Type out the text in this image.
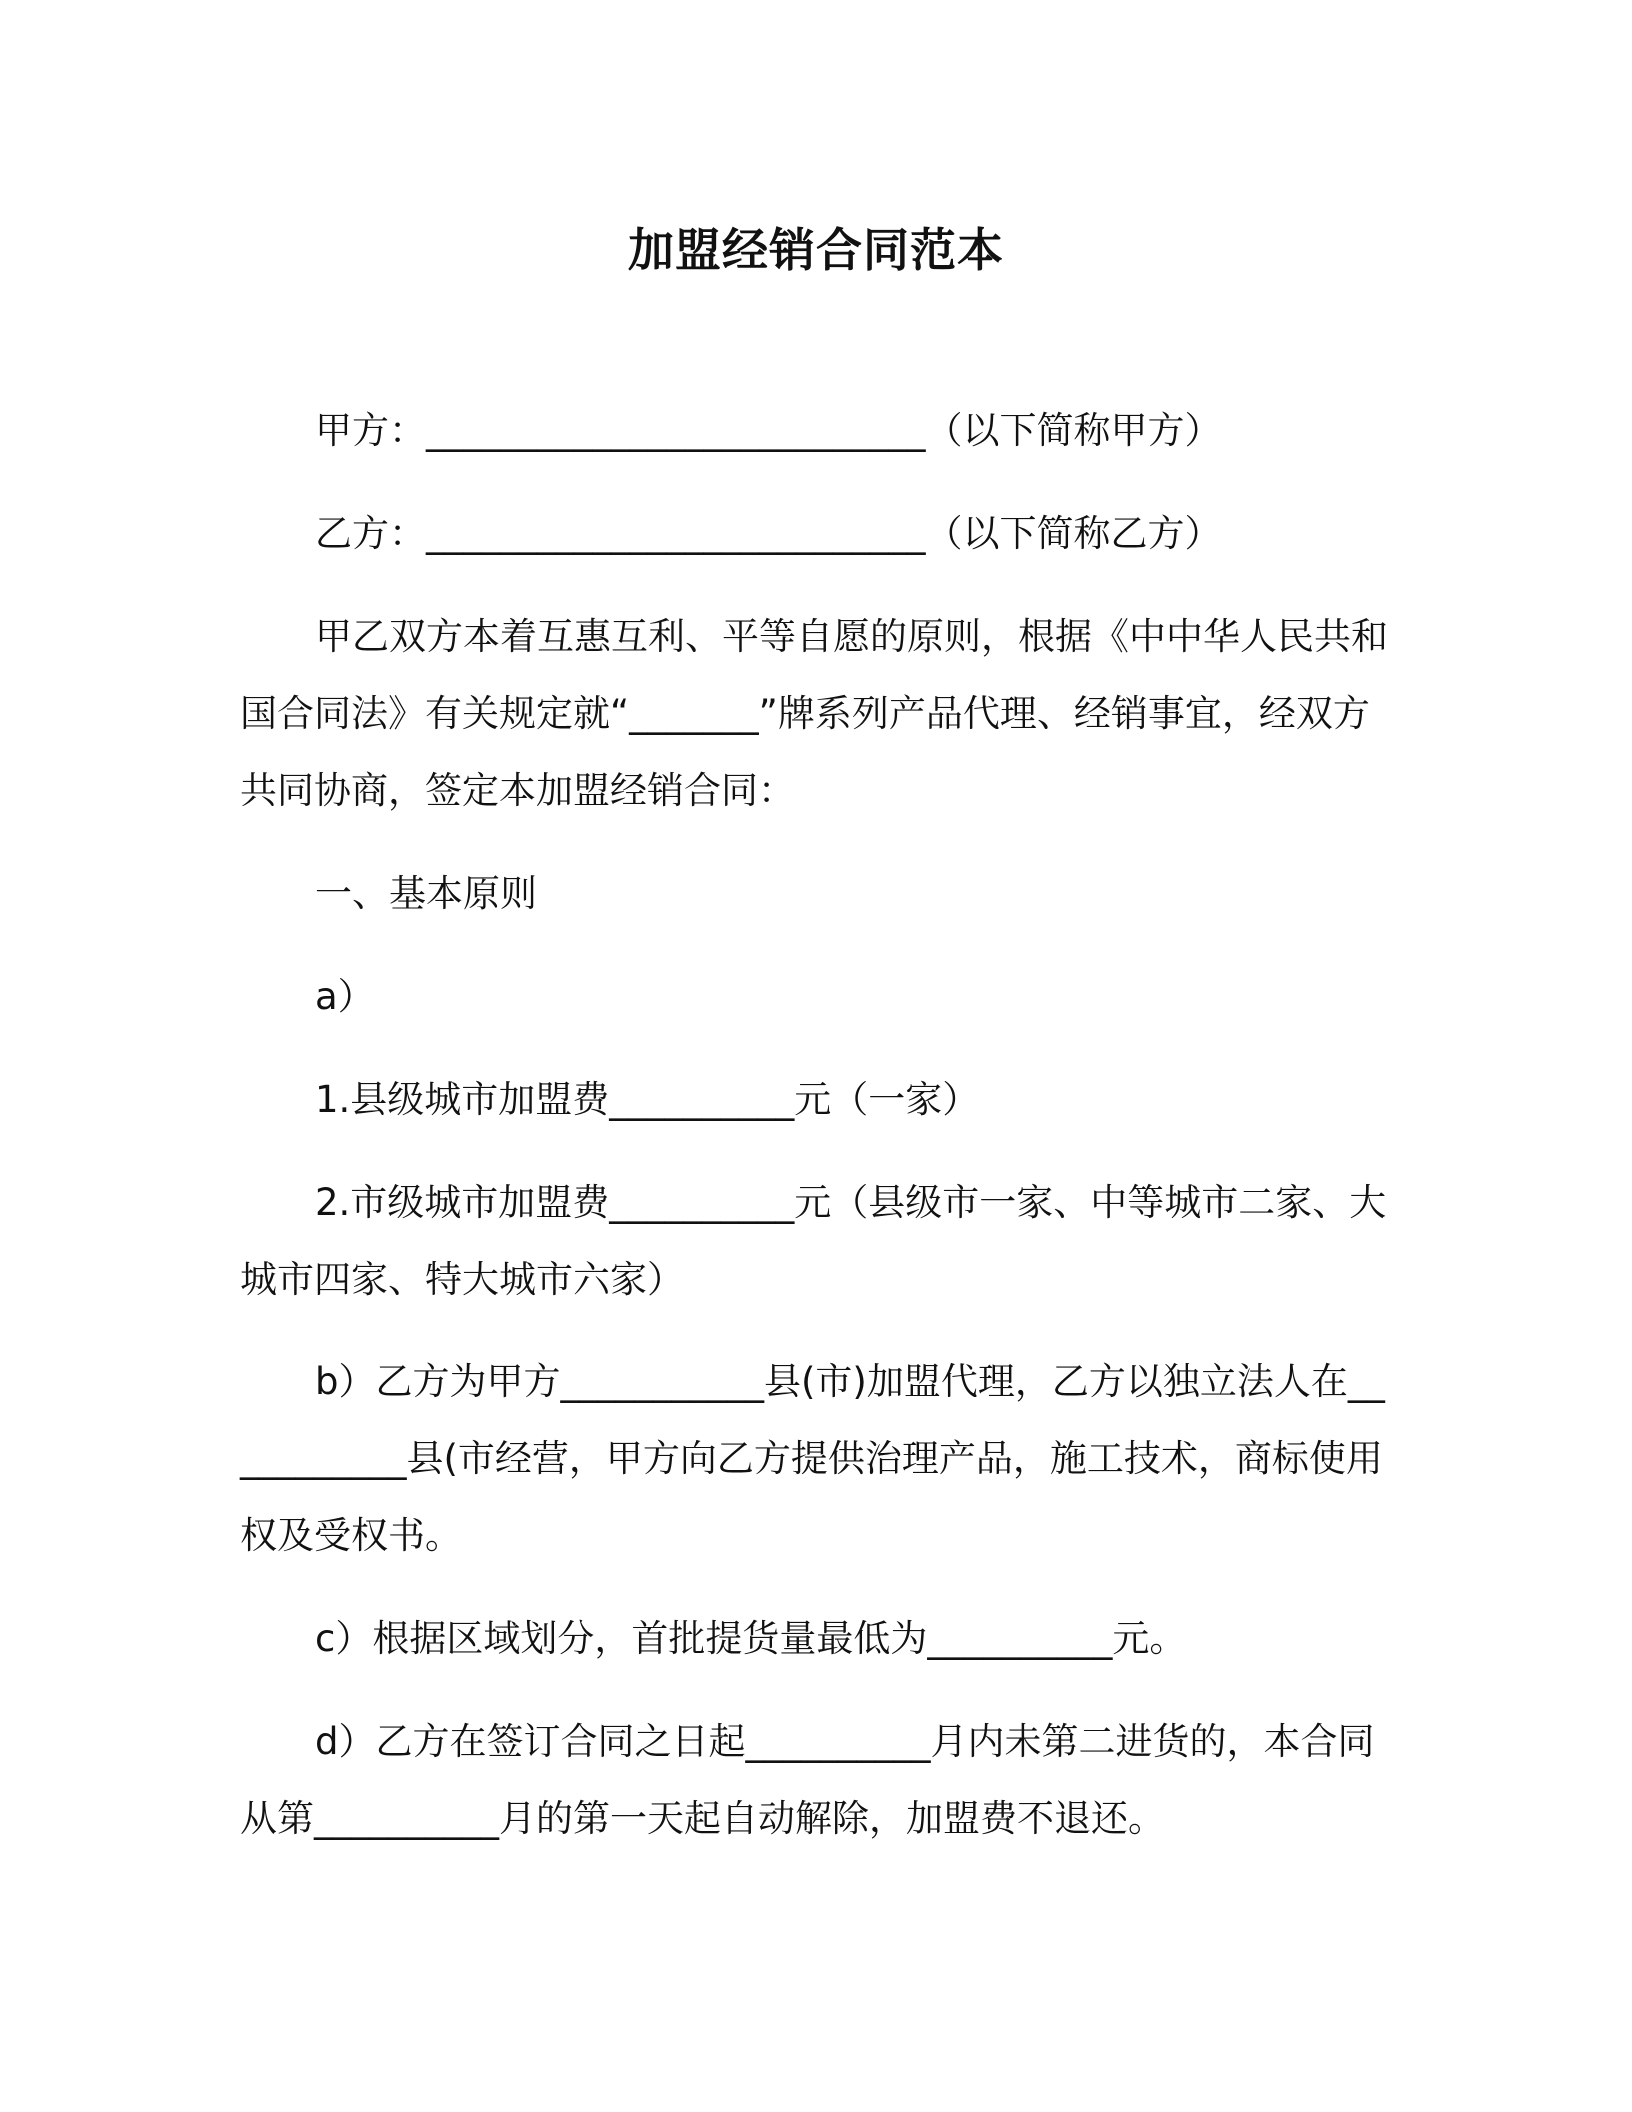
加盟经销合同范本

甲方：___________________________（以下简称甲方）

乙方：___________________________（以下简称乙方）

甲乙双方本着互惠互利、平等自愿的原则，根据《中中华人民共和国合同法》有关规定就“_______”牌系列产品代理、经销事宜，经双方共同协商，签定本加盟经销合同：

一、基本原则

a）

1.县级城市加盟费__________元（一家）

2.市级城市加盟费__________元（县级市一家、中等城市二家、大城市四家、特大城市六家）

b）乙方为甲方___________县(市)加盟代理，乙方以独立法人在___________县(市经营，甲方向乙方提供治理产品，施工技术，商标使用权及受权书。

c）根据区域划分，首批提货量最低为__________元。

d）乙方在签订合同之日起__________月内未第二进货的，本合同从第__________月的第一天起自动解除，加盟费不退还。
